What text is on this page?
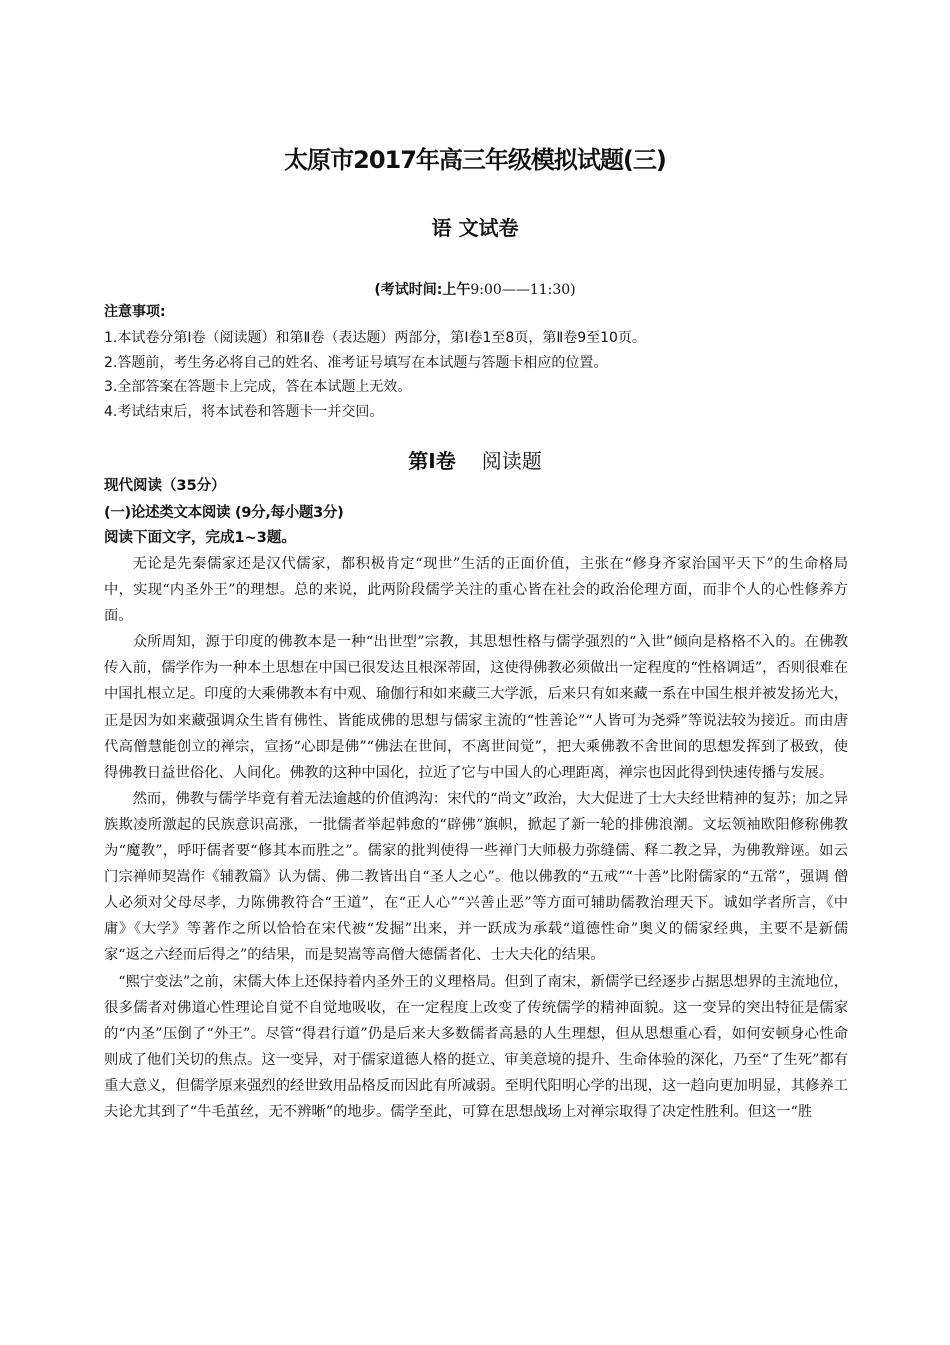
太原市2017年高三年级模拟试题(三)
语 文试卷
(考试时间:上午9:00——11:30)
注意事项:
1.本试卷分第Ⅰ卷（阅读题）和第Ⅱ卷（表达题）两部分，第Ⅰ卷1至8页，第Ⅱ卷9至10页。
2.答题前，考生务必将自己的姓名、准考证号填写在本试题与答题卡相应的位置。
3.全部答案在答题卡上完成，答在本试题上无效。
4.考试结束后，将本试卷和答题卡一并交回。
第Ⅰ卷 阅读题
现代阅读（35分）
(一)论述类文本阅读 (9分,每小题3分)
阅读下面文字，完成1~3题。

无论是先秦儒家还是汉代儒家，都积极肯定“现世”生活的正面价值，主张在“修身齐家治国平天下”的生命格局中，实现“内圣外王”的理想。总的来说，此两阶段儒学关注的重心皆在社会的政治伦理方面，而非个人的心性修养方面。

众所周知，源于印度的佛教本是一种“出世型”宗教，其思想性格与儒学强烈的“入世”倾向是格格不入的。在佛教传入前，儒学作为一种本土思想在中国已很发达且根深蒂固，这使得佛教必须做出一定程度的“性格调适”，否则很难在中国扎根立足。印度的大乘佛教本有中观、瑜伽行和如来藏三大学派，后来只有如来藏一系在中国生根并被发扬光大，正是因为如来藏强调众生皆有佛性、皆能成佛的思想与儒家主流的“性善论”“人皆可为尧舜”等说法较为接近。而由唐代高僧慧能创立的禅宗，宣扬“心即是佛”“佛法在世间，不离世间觉”，把大乘佛教不舍世间的思想发挥到了极致，使得佛教日益世俗化、人间化。佛教的这种中国化，拉近了它与中国人的心理距离，禅宗也因此得到快速传播与发展。

然而，佛教与儒学毕竟有着无法逾越的价值鸿沟：宋代的“尚文”政治，大大促进了士大夫经世精神的复苏；加之异族欺凌所激起的民族意识高涨，一批儒者举起韩愈的“辟佛”旗帜，掀起了新一轮的排佛浪潮。文坛领袖欧阳修称佛教为“魔教”，呼吁儒者要“修其本而胜之”。儒家的批判使得一些禅门大师极力弥缝儒、释二教之异，为佛教辩诬。如云门宗禅师契嵩作《辅教篇》认为儒、佛二教皆出自“圣人之心”。他以佛教的“五戒”“十善”比附儒家的“五常”，强调 僧人必须对父母尽孝，力陈佛教符合“王道”，在“正人心”“兴善止恶”等方面可辅助儒教治理天下。诚如学者所言，《中庸》《大学》等著作之所以恰恰在宋代被“发掘”出来，并一跃成为承载“道德性命”奥义的儒家经典，主要不是新儒家“返之六经而后得之”的结果，而是契嵩等高僧大德儒者化、士大夫化的结果。

“熙宁变法”之前，宋儒大体上还保持着内圣外王的义理格局。但到了南宋，新儒学已经逐步占据思想界的主流地位，很多儒者对佛道心性理论自觉不自觉地吸收，在一定程度上改变了传统儒学的精神面貌。这一变异的突出特征是儒家的“内圣”压倒了“外王”。尽管“得君行道”仍是后来大多数儒者高悬的人生理想，但从思想重心看，如何安顿身心性命则成了他们关切的焦点。这一变异，对于儒家道德人格的挺立、审美意境的提升、生命体验的深化，乃至“了生死”都有重大意义，但儒学原来强烈的经世致用品格反而因此有所减弱。至明代阳明心学的出现，这一趋向更加明显，其修养工夫论尤其到了“牛毛茧丝，无不辨晰”的地步。儒学至此，可算在思想战场上对禅宗取得了决定性胜利。但这一“胜
